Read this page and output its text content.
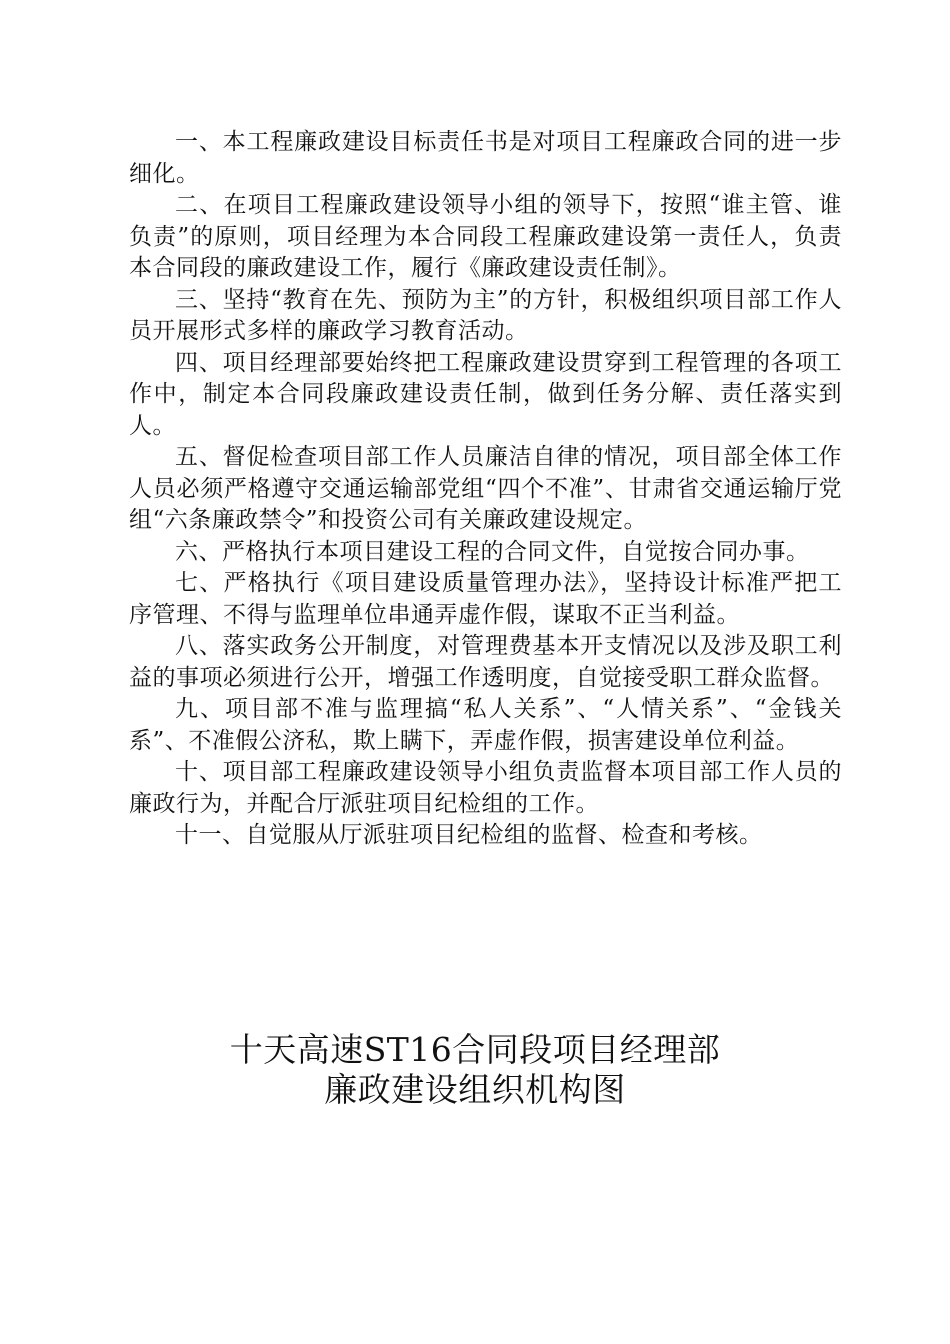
一、本工程廉政建设目标责任书是对项目工程廉政合同的进一步细化。

二、在项目工程廉政建设领导小组的领导下，按照“谁主管、谁负责”的原则，项目经理为本合同段工程廉政建设第一责任人，负责本合同段的廉政建设工作，履行《廉政建设责任制》。

三、坚持“教育在先、预防为主”的方针，积极组织项目部工作人员开展形式多样的廉政学习教育活动。

四、项目经理部要始终把工程廉政建设贯穿到工程管理的各项工作中，制定本合同段廉政建设责任制，做到任务分解、责任落实到人。

五、督促检查项目部工作人员廉洁自律的情况，项目部全体工作人员必须严格遵守交通运输部党组“四个不准”、甘肃省交通运输厅党组“六条廉政禁令”和投资公司有关廉政建设规定。

六、严格执行本项目建设工程的合同文件，自觉按合同办事。

七、严格执行《项目建设质量管理办法》，坚持设计标准严把工序管理、不得与监理单位串通弄虚作假，谋取不正当利益。

八、落实政务公开制度，对管理费基本开支情况以及涉及职工利益的事项必须进行公开，增强工作透明度，自觉接受职工群众监督。

九、项目部不准与监理搞“私人关系”、“人情关系”、“金钱关系”、不准假公济私，欺上瞒下，弄虚作假，损害建设单位利益。

十、项目部工程廉政建设领导小组负责监督本项目部工作人员的廉政行为，并配合厅派驻项目纪检组的工作。

十一、自觉服从厅派驻项目纪检组的监督、检查和考核。

十天高速ST16合同段项目经理部

廉政建设组织机构图
